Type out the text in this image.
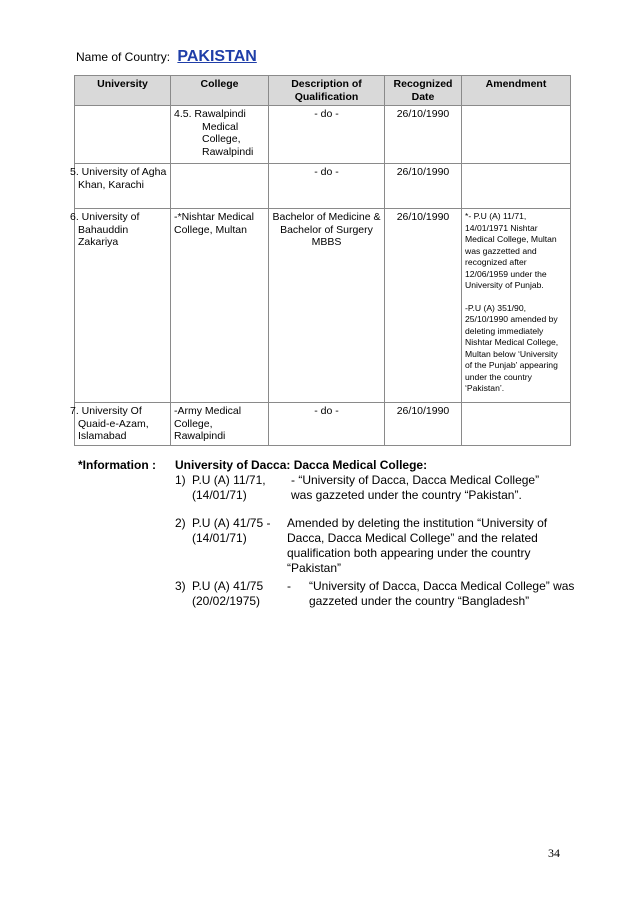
Name of Country: PAKISTAN
University	College	Description of Qualification	Recognized Date	Amendment
	4.5. Rawalpindi Medical College, Rawalpindi	- do -	26/10/1990	
5. University of Agha Khan, Karachi		- do -	26/10/1990	
6. University of Bahauddin Zakariya	-*Nishtar Medical College, Multan	Bachelor of Medicine & Bachelor of Surgery MBBS	26/10/1990	*- P.U (A) 11/71, 14/01/1971 Nishtar Medical College, Multan was gazzetted and recognized after 12/06/1959 under the University of Punjab.

-P.U (A) 351/90, 25/10/1990 amended by deleting immediately Nishtar Medical College, Multan below ‘University of the Punjab’ appearing under the country ‘Pakistan’.

7. University Of Quaid-e-Azam, Islamabad	-Army Medical College, Rawalpindi	- do -	26/10/1990	
*Information : University of Dacca: Dacca Medical College:
1) P.U (A) 11/71,
(14/01/71)
- “University of Dacca, Dacca Medical College” was gazzeted under the country “Pakistan”.
2) P.U (A) 41/75 -
(14/01/71)
Amended by deleting the institution “University of Dacca, Dacca Medical College” and the related qualification both appearing under the country “Pakistan”
3) P.U (A) 41/75
(20/02/1975)
- “University of Dacca, Dacca Medical College” was gazzeted under the country “Bangladesh”
34
